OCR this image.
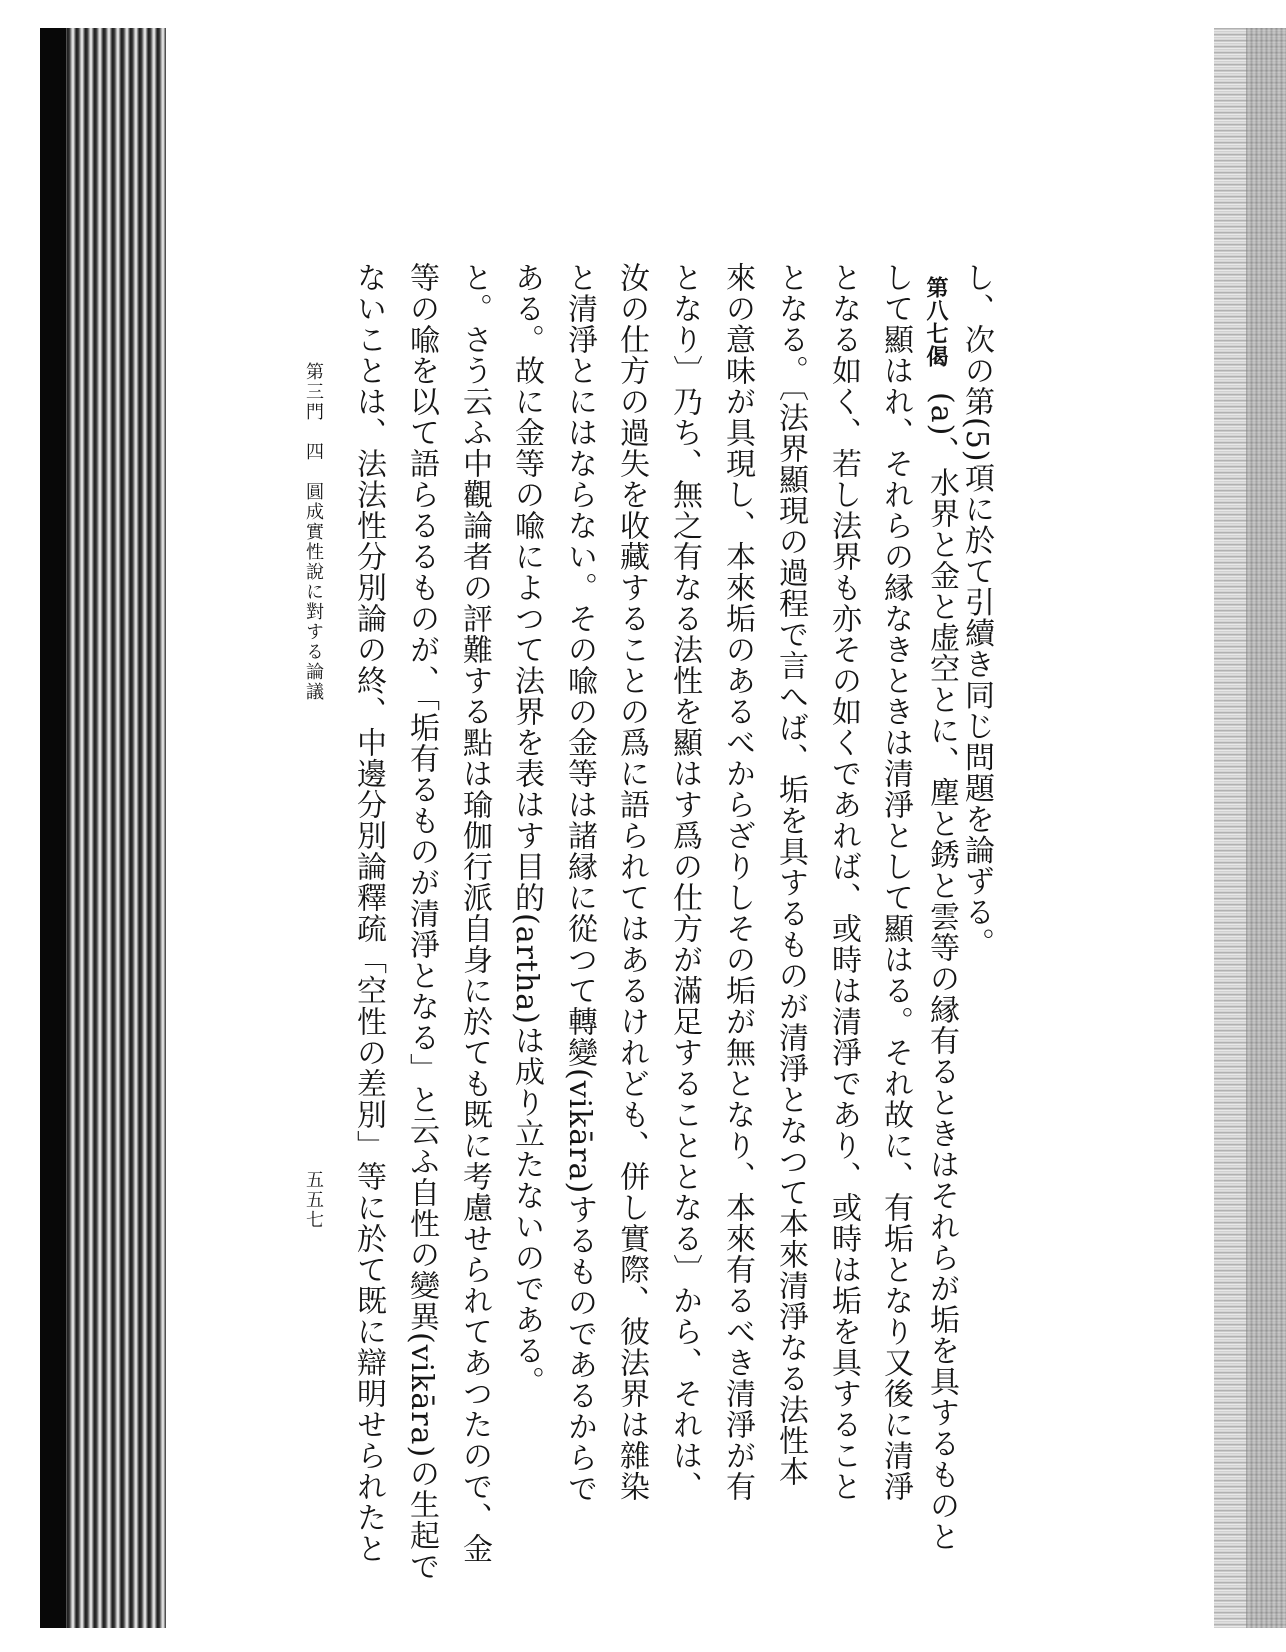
し、次の第(5)項に於て引續き同じ問題を論ずる。
第八七偈
(a)、水界と金と虚空とに、塵と銹と雲等の縁有るときはそれらが垢を具するものと
して顯はれ、それらの縁なきときは清淨として顯はる。それ故に、有垢となり又後に清淨
となる如く、若し法界も亦その如くであれば、或時は清淨であり、或時は垢を具すること
となる。〔法界顯現の過程で言へば、垢を具するものが清淨となつて本來清淨なる法性本
來の意味が具現し、本來垢のあるべからざりしその垢が無となり、本來有るべき清淨が有
となり〕乃ち、無之有なる法性を顯はす爲の仕方が滿足することとなる〕から、それは、
汝の仕方の過失を收藏することの爲に語られてはあるけれども、併し實際、彼法界は雜染
と清淨とにはならない。その喩の金等は諸縁に從つて轉變(vikāra)するものであるからで
ある。故に金等の喩によつて法界を表はす目的(artha)は成り立たないのである。
と。さう云ふ中觀論者の評難する點は瑜伽行派自身に於ても既に考慮せられてあつたので、金
等の喩を以て語らるるものが、「垢有るものが清淨となる」と云ふ自性の變異(vikāra)の生起で
ないことは、法法性分別論の終、中邊分別論釋疏「空性の差別」等に於て既に辯明せられたと
第三門　四　圓成實性說に對する論議
五五七
